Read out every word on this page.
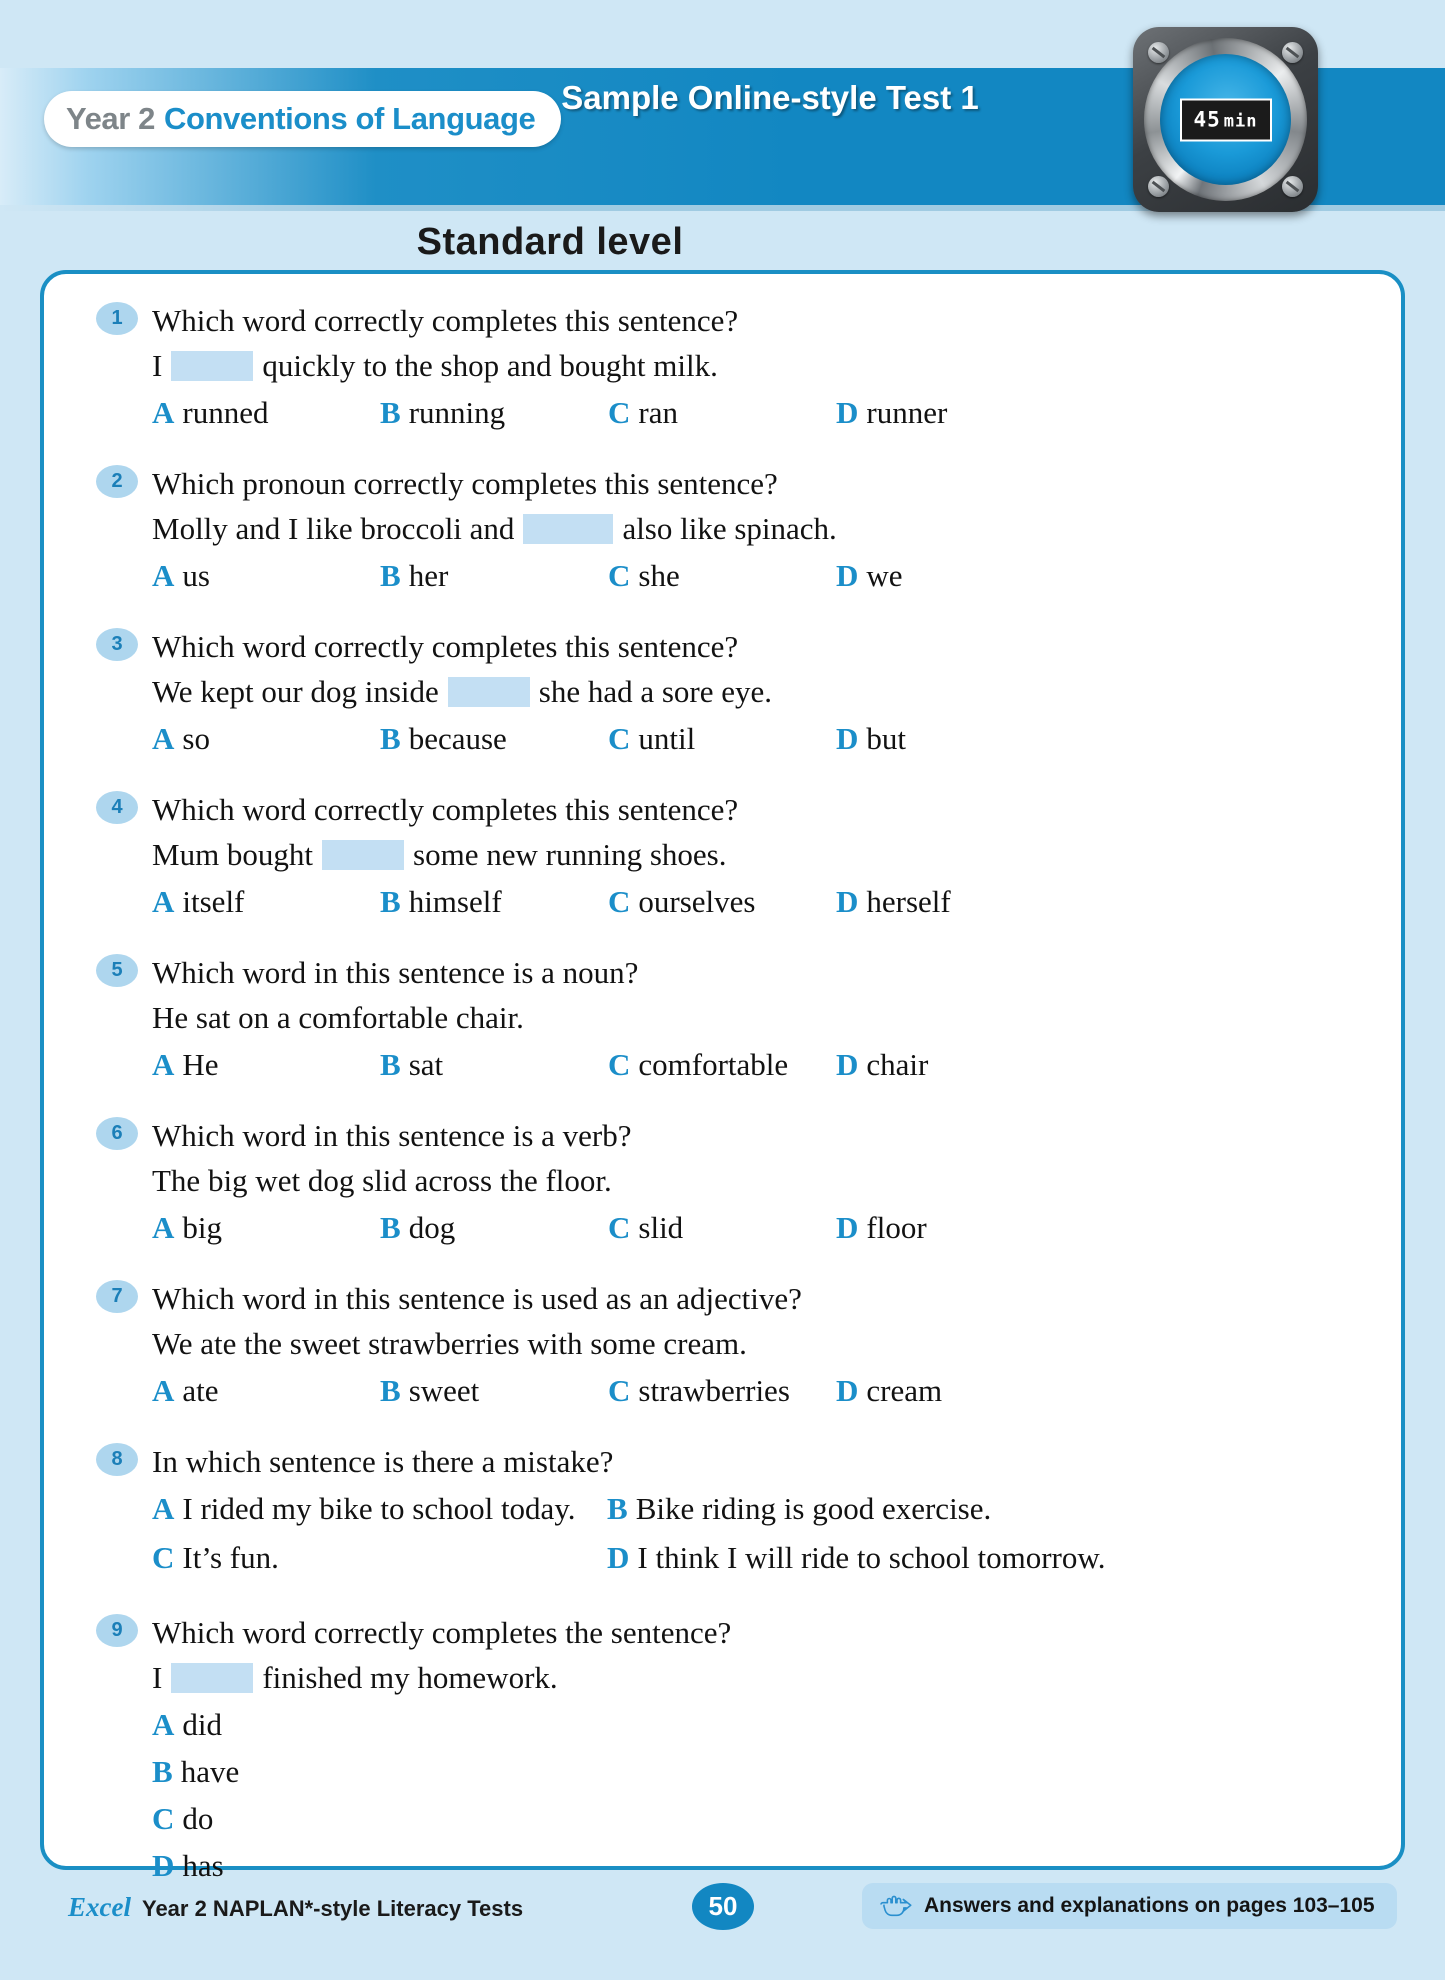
Year 2 Conventions of Language
Sample Online-style Test 1
45 min
Standard level
1 Which word correctly completes this sentence?
I	quickly to the shop and bought milk.
A runned	B running	C ran	D runner
2 Which pronoun correctly completes this sentence?
Molly and I like broccoli and	also like spinach.
A us	B her	C she	D we
3 Which word correctly completes this sentence?
We kept our dog inside	she had a sore eye.
A so	B because	C until	D but
4 Which word correctly completes this sentence?
Mum bought	some new running shoes.
A itself	B himself	C ourselves	D herself
5 Which word in this sentence is a noun?
He sat on a comfortable chair.
A He	B sat	C comfortable	D chair
6 Which word in this sentence is a verb?
The big wet dog slid across the floor.
A big	B dog	C slid	D floor
7 Which word in this sentence is used as an adjective?
We ate the sweet strawberries with some cream.
A ate	B sweet	C strawberries	D cream
8 In which sentence is there a mistake?
A I rided my bike to school today.	B Bike riding is good exercise.
C It’s fun.	D I think I will ride to school tomorrow.
9 Which word correctly completes the sentence?
I	finished my homework.
A did
B have
C do
D has
Excel Year 2 NAPLAN*-style Literacy Tests	50	Answers and explanations on pages 103–105
